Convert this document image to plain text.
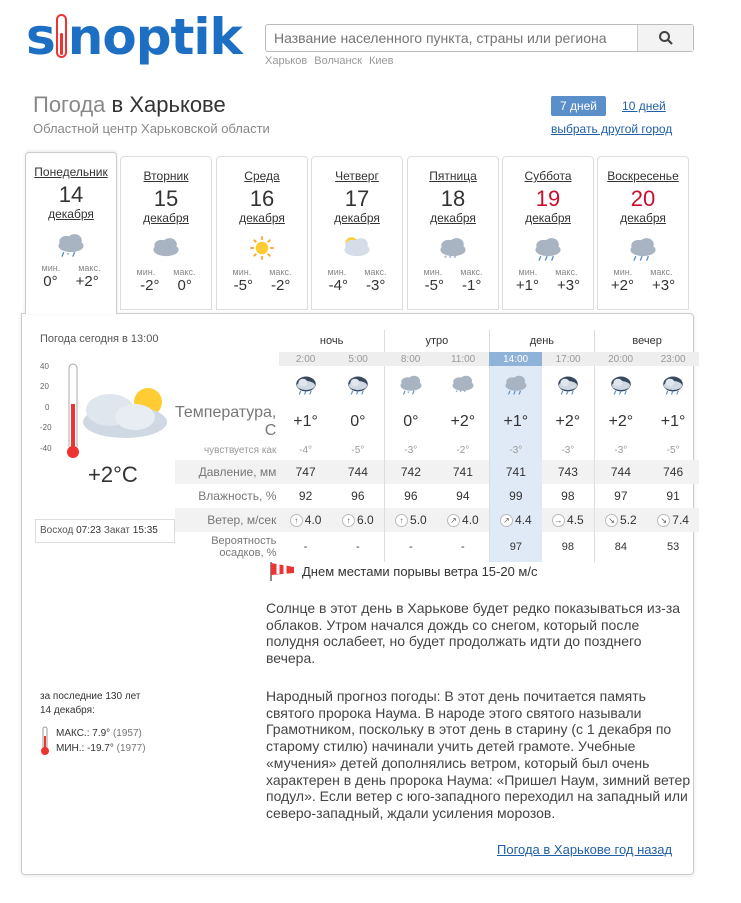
s noptik
Название населенного пункта, страны или региона Харьков Волчанск Киев
Погода в Харькове
Областной центр Харьковской области
7 дней 10 дней
выбрать другой город
Понедельник
14
декабря
*
мин. макс.
0° +2°
Вторник
15
декабря
мин. макс.
-2° 0°
Среда
16
декабря
мин. макс.
-5° -2°
Четверг
17
декабря
мин. макс.
-4° -3°
Пятница
18
декабря
* * *
мин. макс.
-5° -1°
Суббота
19
декабря
мин. макс.
+1° +3°
Воскресенье
20
декабря
мин. макс.
+2° +3°
Погода сегодня в 13:00
40
20
0
-20
-40
+2°C
Восход 07:23 Закат 15:35
	ночь		утро		день		вечер	
	2:00	5:00	8:00	11:00	14:00	17:00	20:00	23:00

*	* * *

Температура, С	+1°	0°	0°	+2°	+1°	+2°	+2°	+1°
чувствуется как	-4°	-5°	-3°	-2°	-3°	-3°	-3°	-5°
Давление, мм	747	744	742	741	741	743	744	746
Влажность, %	92	96	96	94	99	98	97	91
Ветер, м/сек	↑ 4.0	↑ 6.0	↑ 5.0	↗ 4.0	↗ 4.4	→ 4.5	↘ 5.2	↘ 7.4
Вероятность
осадков, %	-	-	-	-	97	98	84	53
Днем местами порывы ветра 15-20 м/с
Солнце в этот день в Харькове будет редко показываться из-за облаков. Утром начался дождь со снегом, который после полудня ослабеет, но будет продолжать идти до позднего вечера.
Народный прогноз погоды: В этот день почитается память святого пророка Наума. В народе этого святого называли Грамотником, поскольку в этот день в старину (с 1 декабря по старому стилю) начинали учить детей грамоте. Учебные «мучения» детей дополнялись ветром, который был очень характерен в день пророка Наума: «Пришел Наум, зимний ветер подул». Если ветер с юго-западного переходил на западный или северо-западный, ждали усиления морозов.
за последние 130 лет
14 декабря:
МАКС.: 7.9° (1957)
МИН.: -19.7° (1977)
Погода в Харькове год назад
